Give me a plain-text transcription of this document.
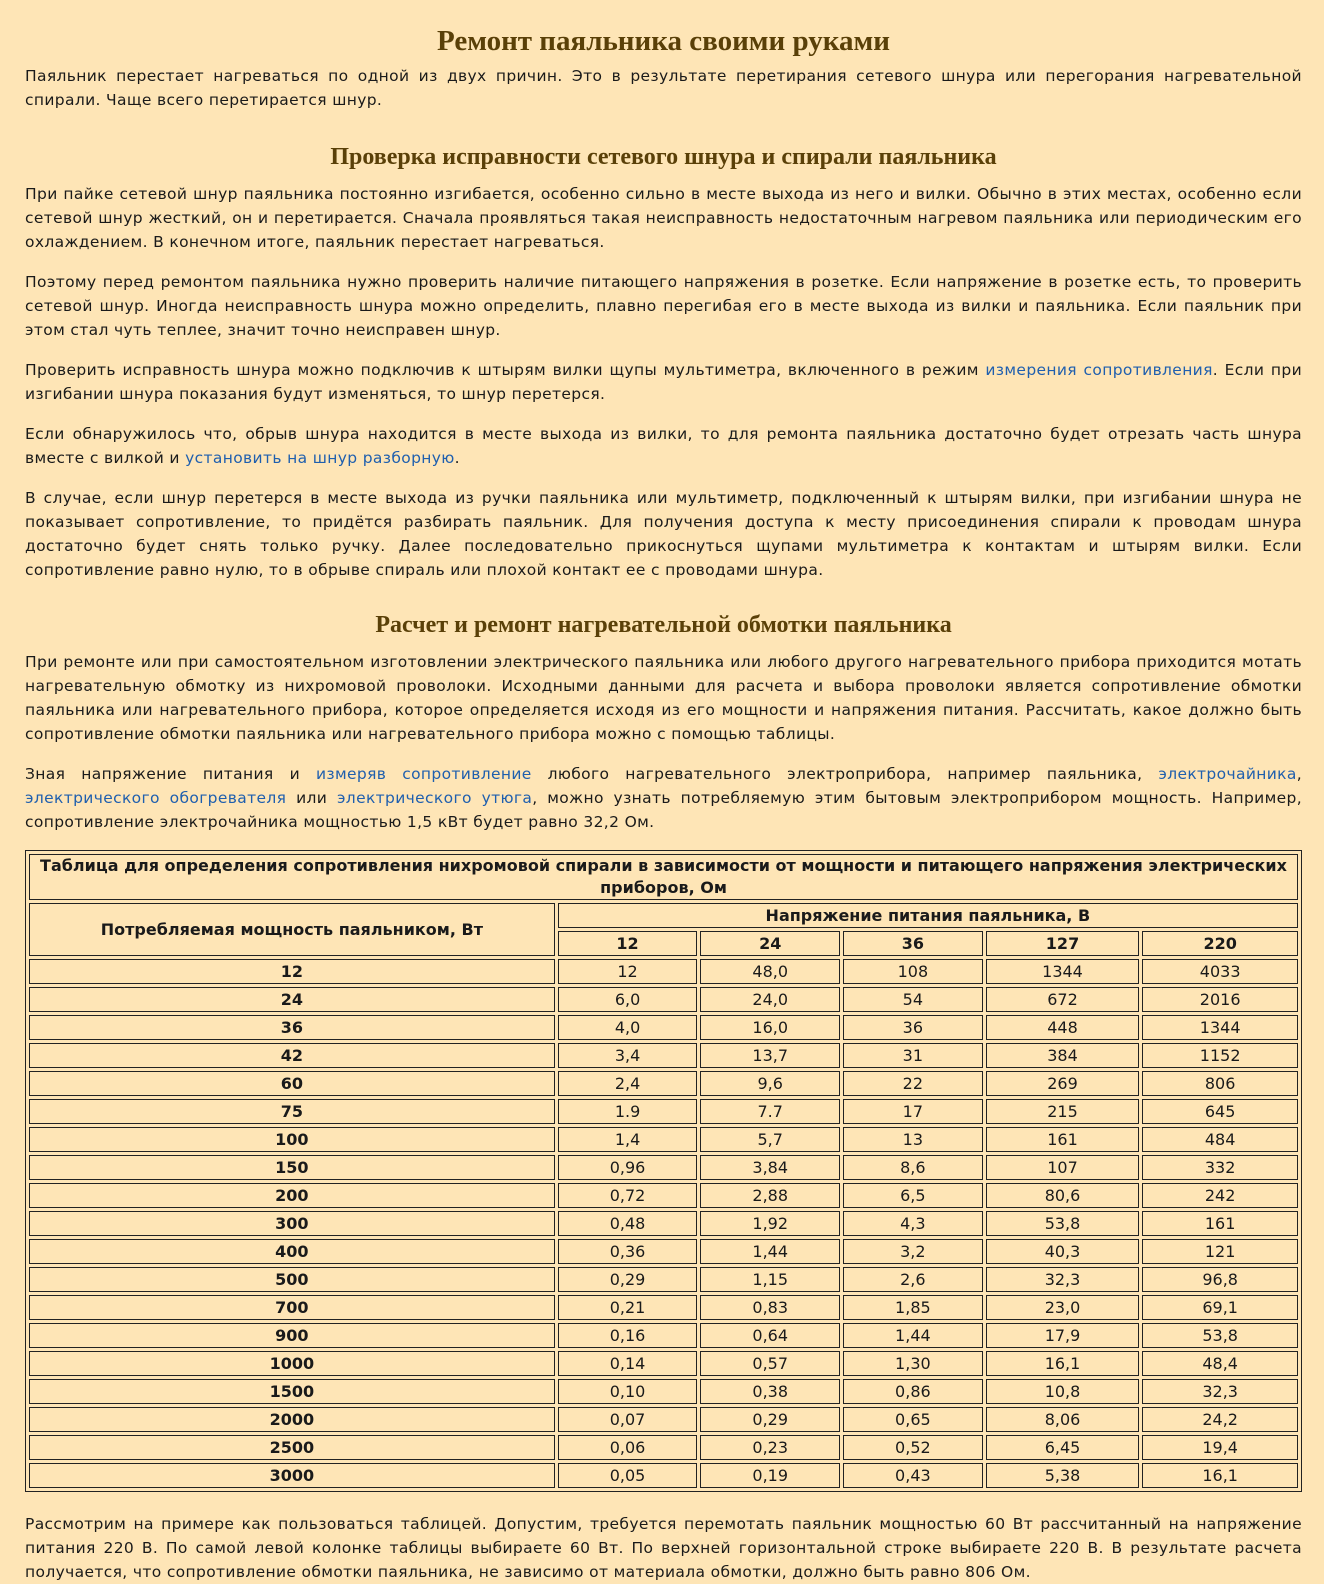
Ремонт паяльника своими руками

Паяльник перестает нагреваться по одной из двух причин. Это в результате перетирания сетевого шнура или перегорания нагревательной спирали. Чаще всего перетирается шнур.

Проверка исправности сетевого шнура и спирали паяльника

При пайке сетевой шнур паяльника постоянно изгибается, особенно сильно в месте выхода из него и вилки. Обычно в этих местах, особенно если сетевой шнур жесткий, он и перетирается. Сначала проявляться такая неисправность недостаточным нагревом паяльника или периодическим его охлаждением. В конечном итоге, паяльник перестает нагреваться.

Поэтому перед ремонтом паяльника нужно проверить наличие питающего напряжения в розетке. Если напряжение в розетке есть, то проверить сетевой шнур. Иногда неисправность шнура можно определить, плавно перегибая его в месте выхода из вилки и паяльника. Если паяльник при этом стал чуть теплее, значит точно неисправен шнур.

Проверить исправность шнура можно подключив к штырям вилки щупы мультиметра, включенного в режим измерения сопротивления. Если при изгибании шнура показания будут изменяться, то шнур перетерся.

Если обнаружилось что, обрыв шнура находится в месте выхода из вилки, то для ремонта паяльника достаточно будет отрезать часть шнура вместе с вилкой и установить на шнур разборную.

В случае, если шнур перетерся в месте выхода из ручки паяльника или мультиметр, подключенный к штырям вилки, при изгибании шнура не показывает сопротивление, то придётся разбирать паяльник. Для получения доступа к месту присоединения спирали к проводам шнура достаточно будет снять только ручку. Далее последовательно прикоснуться щупами мультиметра к контактам и штырям вилки. Если сопротивление равно нулю, то в обрыве спираль или плохой контакт ее с проводами шнура.

Расчет и ремонт нагревательной обмотки паяльника

При ремонте или при самостоятельном изготовлении электрического паяльника или любого другого нагревательного прибора приходится мотать нагревательную обмотку из нихромовой проволоки. Исходными данными для расчета и выбора проволоки является сопротивление обмотки паяльника или нагревательного прибора, которое определяется исходя из его мощности и напряжения питания. Рассчитать, какое должно быть сопротивление обмотки паяльника или нагревательного прибора можно с помощью таблицы.

Зная напряжение питания и измеряв сопротивление любого нагревательного электроприбора, например паяльника, электрочайника, электрического обогревателя или электрического утюга, можно узнать потребляемую этим бытовым электроприбором мощность. Например, сопротивление электрочайника мощностью 1,5 кВт будет равно 32,2 Ом.

Таблица для определения сопротивления нихромовой спирали в зависимости от мощности и питающего напряжения электрических приборов, Ом					
Потребляемая мощность паяльником, Вт	Напряжение питания паяльника, В				
	12	24	36	127	220
12	12	48,0	108	1344	4033
24	6,0	24,0	54	672	2016
36	4,0	16,0	36	448	1344
42	3,4	13,7	31	384	1152
60	2,4	9,6	22	269	806
75	1.9	7.7	17	215	645
100	1,4	5,7	13	161	484
150	0,96	3,84	8,6	107	332
200	0,72	2,88	6,5	80,6	242
300	0,48	1,92	4,3	53,8	161
400	0,36	1,44	3,2	40,3	121
500	0,29	1,15	2,6	32,3	96,8
700	0,21	0,83	1,85	23,0	69,1
900	0,16	0,64	1,44	17,9	53,8
1000	0,14	0,57	1,30	16,1	48,4
1500	0,10	0,38	0,86	10,8	32,3
2000	0,07	0,29	0,65	8,06	24,2
2500	0,06	0,23	0,52	6,45	19,4
3000	0,05	0,19	0,43	5,38	16,1

Рассмотрим на примере как пользоваться таблицей. Допустим, требуется перемотать паяльник мощностью 60 Вт рассчитанный на напряжение питания 220 В. По самой левой колонке таблицы выбираете 60 Вт. По верхней горизонтальной строке выбираете 220 В. В результате расчета получается, что сопротивление обмотки паяльника, не зависимо от материала обмотки, должно быть равно 806 Ом.
